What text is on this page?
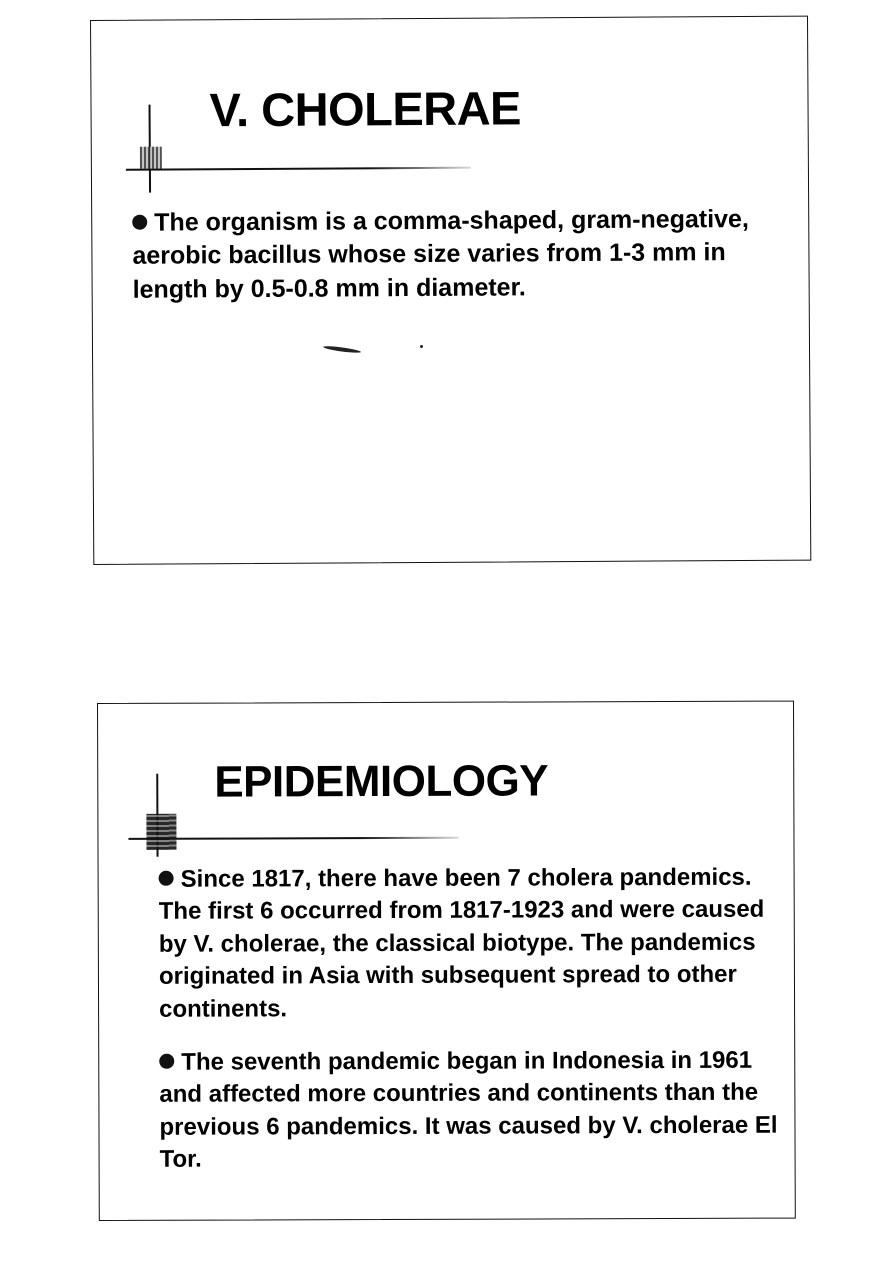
V. CHOLERAE

The organism is a comma-shaped, gram-negative, aerobic bacillus whose size varies from 1-3 mm in length by 0.5-0.8 mm in diameter.

EPIDEMIOLOGY

Since 1817, there have been 7 cholera pandemics. The first 6 occurred from 1817-1923 and were caused by V. cholerae, the classical biotype. The pandemics originated in Asia with subsequent spread to other continents.

The seventh pandemic began in Indonesia in 1961 and affected more countries and continents than the previous 6 pandemics. It was caused by V. cholerae El Tor.
